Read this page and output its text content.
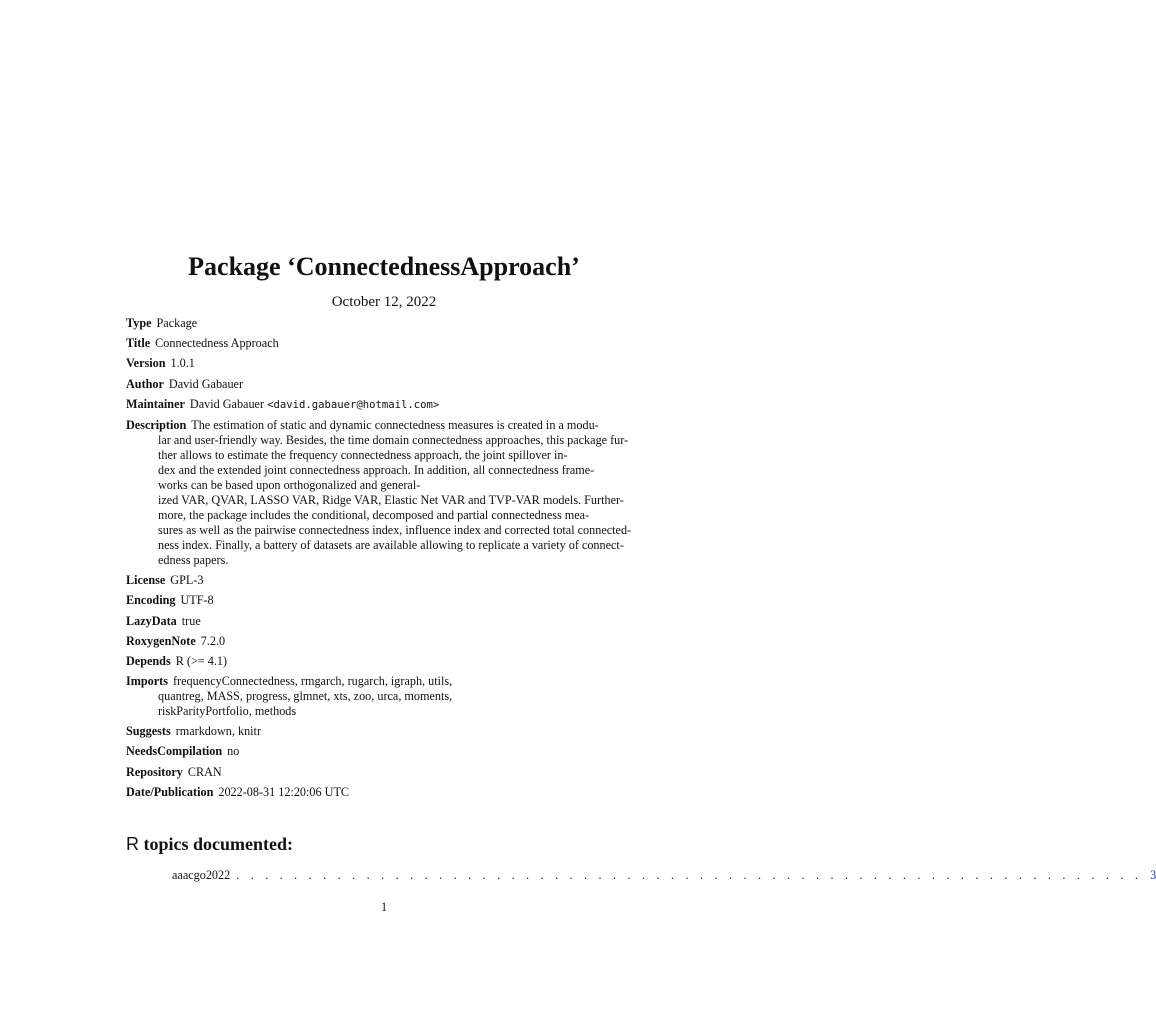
Package ‘ConnectednessApproach’
October 12, 2022
Type Package
Title Connectedness Approach
Version 1.0.1
Author David Gabauer
Maintainer David Gabauer <david.gabauer@hotmail.com>
Description The estimation of static and dynamic connectedness measures is created in a modu-
lar and user-friendly way. Besides, the time domain connectedness approaches, this package fur-
ther allows to estimate the frequency connectedness approach, the joint spillover in-
dex and the extended joint connectedness approach. In addition, all connectedness frame-
works can be based upon orthogonalized and general-
ized VAR, QVAR, LASSO VAR, Ridge VAR, Elastic Net VAR and TVP-VAR models. Further-
more, the package includes the conditional, decomposed and partial connectedness mea-
sures as well as the pairwise connectedness index, influence index and corrected total connected-
ness index. Finally, a battery of datasets are available allowing to replicate a variety of connect-
edness papers.
License GPL-3
Encoding UTF-8
LazyData true
RoxygenNote 7.2.0
Depends R (>= 4.1)
Imports frequencyConnectedness, rmgarch, rugarch, igraph, utils,
quantreg, MASS, progress, glmnet, xts, zoo, urca, moments,
riskParityPortfolio, methods
Suggests rmarkdown, knitr
NeedsCompilation no
Repository CRAN
Date/Publication 2022-08-31 12:20:06 UTC
R topics documented:
aaacgo2022 . . . . . . . . . . . . . . . . . . . . . . . . . . . . . . . . . . . . . . . . . . . . . . . . . . . . . . . . . . . . . . . 3
1
